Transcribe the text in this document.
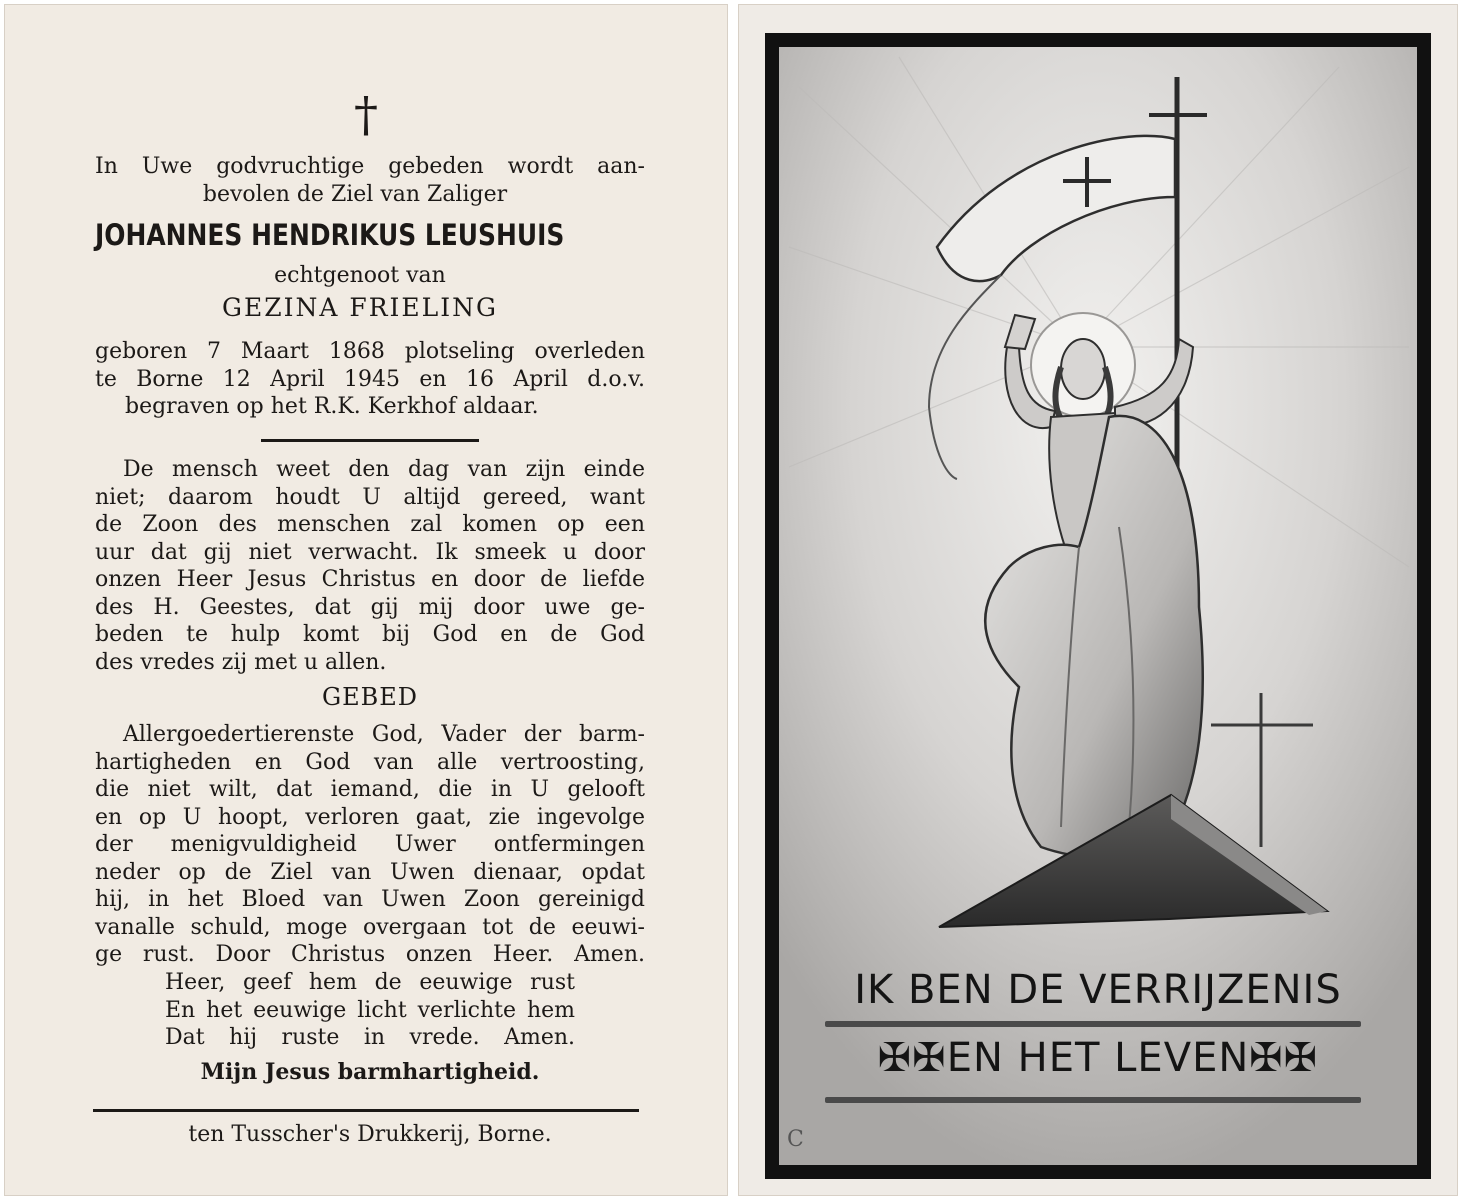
†
In Uwe godvruchtige gebeden wordt aan-
bevolen de Ziel van Zaliger
JOHANNES HENDRIKUS LEUSHUIS
echtgenoot van
GEZINA FRIELING
geboren 7 Maart 1868 plotseling overleden
te Borne 12 April 1945 en 16 April d.o.v.
begraven op het R.K. Kerkhof aldaar.
De mensch weet den dag van zijn einde
niet; daarom houdt U altijd gereed, want
de Zoon des menschen zal komen op een
uur dat gij niet verwacht. Ik smeek u door
onzen Heer Jesus Christus en door de liefde
des H. Geestes, dat gij mij door uwe ge-
beden te hulp komt bij God en de God
des vredes zij met u allen.
GEBED
Allergoedertierenste God, Vader der barm-
hartigheden en God van alle vertroosting,
die niet wilt, dat iemand, die in U gelooft
en op U hoopt, verloren gaat, zie ingevolge
der menigvuldigheid Uwer ontfermingen
neder op de Ziel van Uwen dienaar, opdat
hij, in het Bloed van Uwen Zoon gereinigd
vanalle schuld, moge overgaan tot de eeuwi-
ge rust. Door Christus onzen Heer. Amen.
Heer, geef hem de eeuwige rust
En het eeuwige licht verlichte hem
Dat hij ruste in vrede. Amen.
Mijn Jesus barmhartigheid.
ten Tusscher's Drukkerij, Borne.
IK BEN DE VERRIJZENIS
✠✠EN HET LEVEN✠✠
C
